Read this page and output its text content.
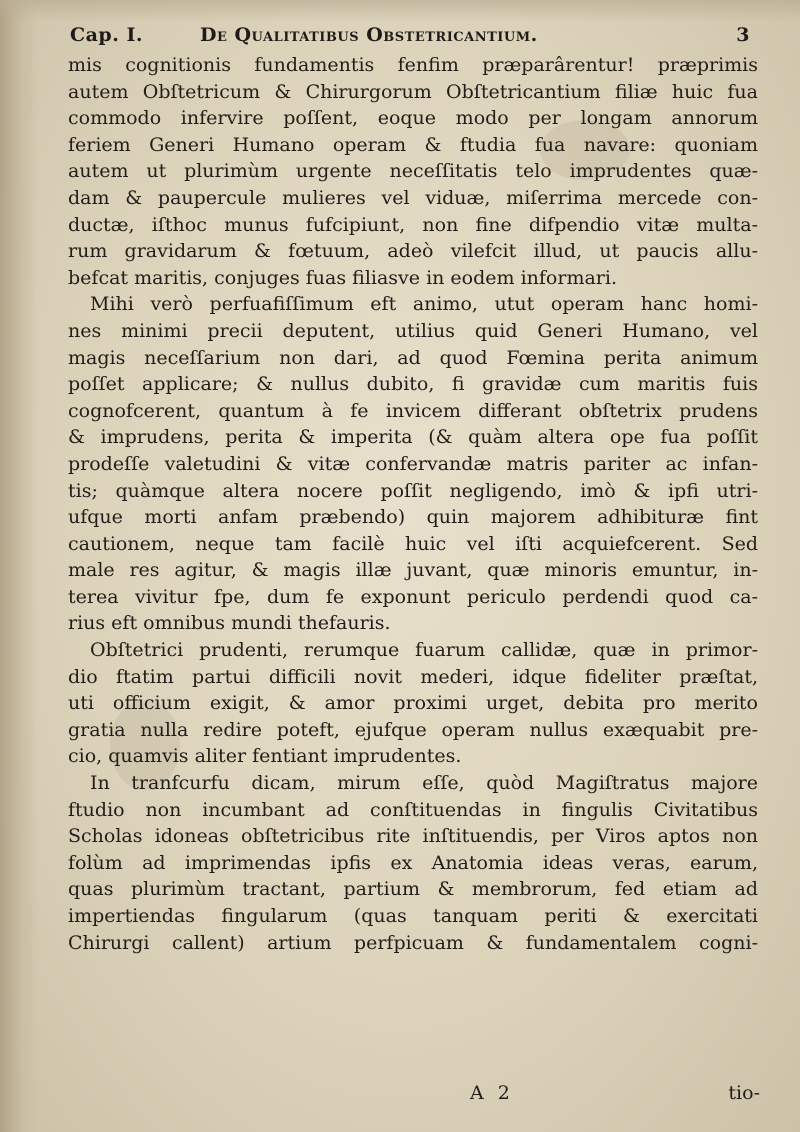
Cap. I.	De Qualitatibus Obstetricantium.	3
mis cognitionis fundamentis fenfim præparârentur! præprimis
autem Obſtetricum & Chirurgorum Obſtetricantium filiæ huic fua
commodo infervire poſſent, eoque modo per longam annorum
feriem Generi Humano operam & ftudia fua navare: quoniam
autem ut plurimùm urgente neceſſitatis telo imprudentes quæ-
dam & paupercule mulieres vel viduæ, miſerrima mercede con-
ductæ, iſthoc munus fufcipiunt, non fine difpendio vitæ multa-
rum gravidarum & fœtuum, adeò vilefcit illud, ut paucis allu-
befcat maritis, conjuges fuas filiasve in eodem informari.
Mihi verò perfuafiſſimum eft animo, utut operam hanc homi-
nes minimi precii deputent, utilius quid Generi Humano, vel
magis neceſſarium non dari, ad quod Fœmina perita animum
poſſet applicare; & nullus dubito, fi gravidæ cum maritis fuis
cognofcerent, quantum à fe invicem differant obſtetrix prudens
& imprudens, perita & imperita (& quàm altera ope fua poſſit
prodeſſe valetudini & vitæ confervandæ matris pariter ac infan-
tis; quàmque altera nocere poſſit negligendo, imò & ipfi utri-
ufque morti anfam præbendo) quin majorem adhibituræ fint
cautionem, neque tam facilè huic vel iſti acquiefcerent. Sed
male res agitur, & magis illæ juvant, quæ minoris emuntur, in-
terea vivitur fpe, dum fe exponunt periculo perdendi quod ca-
rius eft omnibus mundi thefauris.
Obſtetrici prudenti, rerumque fuarum callidæ, quæ in primor-
dio ftatim partui difficili novit mederi, idque fideliter præſtat,
uti officium exigit, & amor proximi urget, debita pro merito
gratia nulla redire poteft, ejufque operam nullus exæquabit pre-
cio, quamvis aliter fentiant imprudentes.
In tranfcurfu dicam, mirum eſſe, quòd Magiſtratus majore
ftudio non incumbant ad conſtituendas in fingulis Civitatibus
Scholas idoneas obſtetricibus rite inſtituendis, per Viros aptos non
folùm ad imprimendas ipfis ex Anatomia ideas veras, earum,
quas plurimùm tractant, partium & membrorum, fed etiam ad
impertiendas fingularum (quas tanquam periti & exercitati
Chirurgi callent) artium perfpicuam & fundamentalem cogni-
A 2	tio-
